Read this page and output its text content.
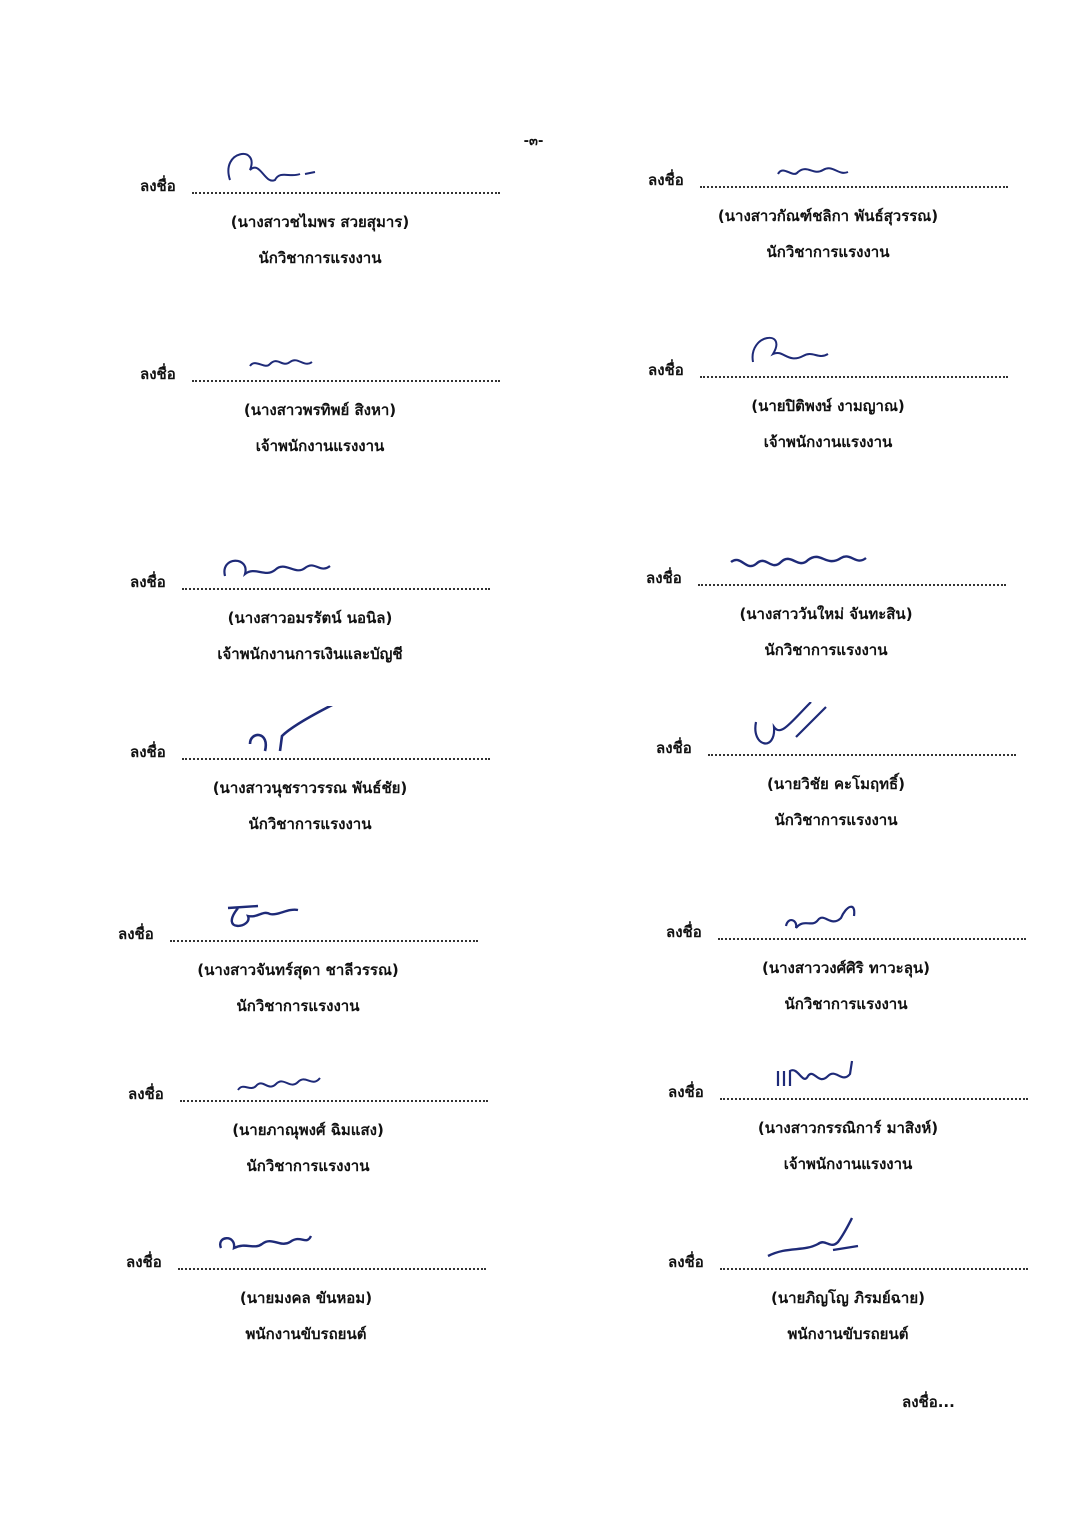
-๓-
ลงชื่อ
(นางสาวชไมพร สวยสุมาร)
นักวิชาการแรงงาน
ลงชื่อ
(นางสาวกัณฑ์ชลิกา พันธ์สุวรรณ)
นักวิชาการแรงงาน
ลงชื่อ
(นางสาวพรทิพย์ สิงหา)
เจ้าพนักงานแรงงาน
ลงชื่อ
(นายปิติพงษ์ งามญาณ)
เจ้าพนักงานแรงงาน
ลงชื่อ
(นางสาวอมรรัตน์ นอนิล)
เจ้าพนักงานการเงินและบัญชี
ลงชื่อ
(นางสาววันใหม่ จันทะสิน)
นักวิชาการแรงงาน
ลงชื่อ
(นางสาวนุชราวรรณ พันธ์ชัย)
นักวิชาการแรงงาน
ลงชื่อ
(นายวิชัย คะโมฤทธิ์)
นักวิชาการแรงงาน
ลงชื่อ
(นางสาวจันทร์สุดา ชาลีวรรณ)
นักวิชาการแรงงาน
ลงชื่อ
(นางสาววงศ์ศิริ ทาวะลุน)
นักวิชาการแรงงาน
ลงชื่อ
(นายภาณุพงศ์ ฉิมแสง)
นักวิชาการแรงงาน
ลงชื่อ
(นางสาวกรรณิการ์ มาสิงห์)
เจ้าพนักงานแรงงาน
ลงชื่อ
(นายมงคล ขันหอม)
พนักงานขับรถยนต์
ลงชื่อ
(นายภิญโญ ภิรมย์ฉาย)
พนักงานขับรถยนต์
ลงชื่อ...
